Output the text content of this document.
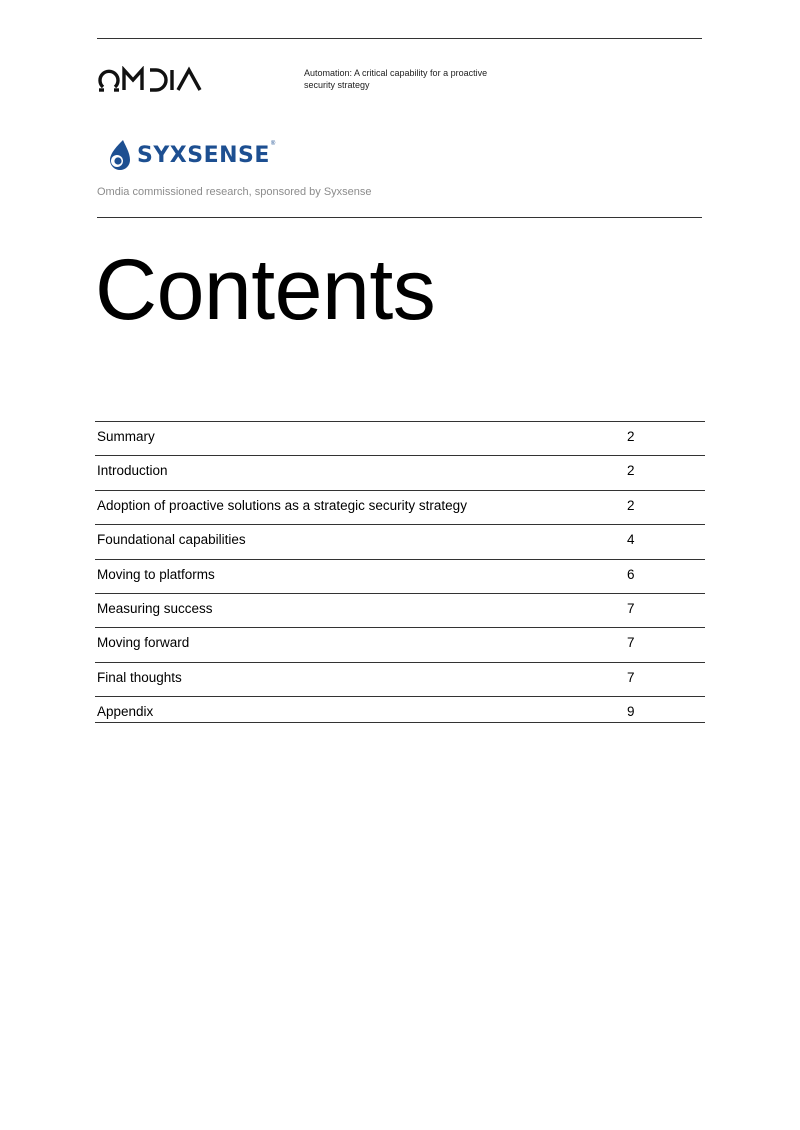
Automation: A critical capability for a proactive security strategy
SYXSENSE ®
Omdia commissioned research, sponsored by Syxsense
Contents
Summary	2
Introduction	2
Adoption of proactive solutions as a strategic security strategy	2
Foundational capabilities	4
Moving to platforms	6
Measuring success	7
Moving forward	7
Final thoughts	7
Appendix	9
